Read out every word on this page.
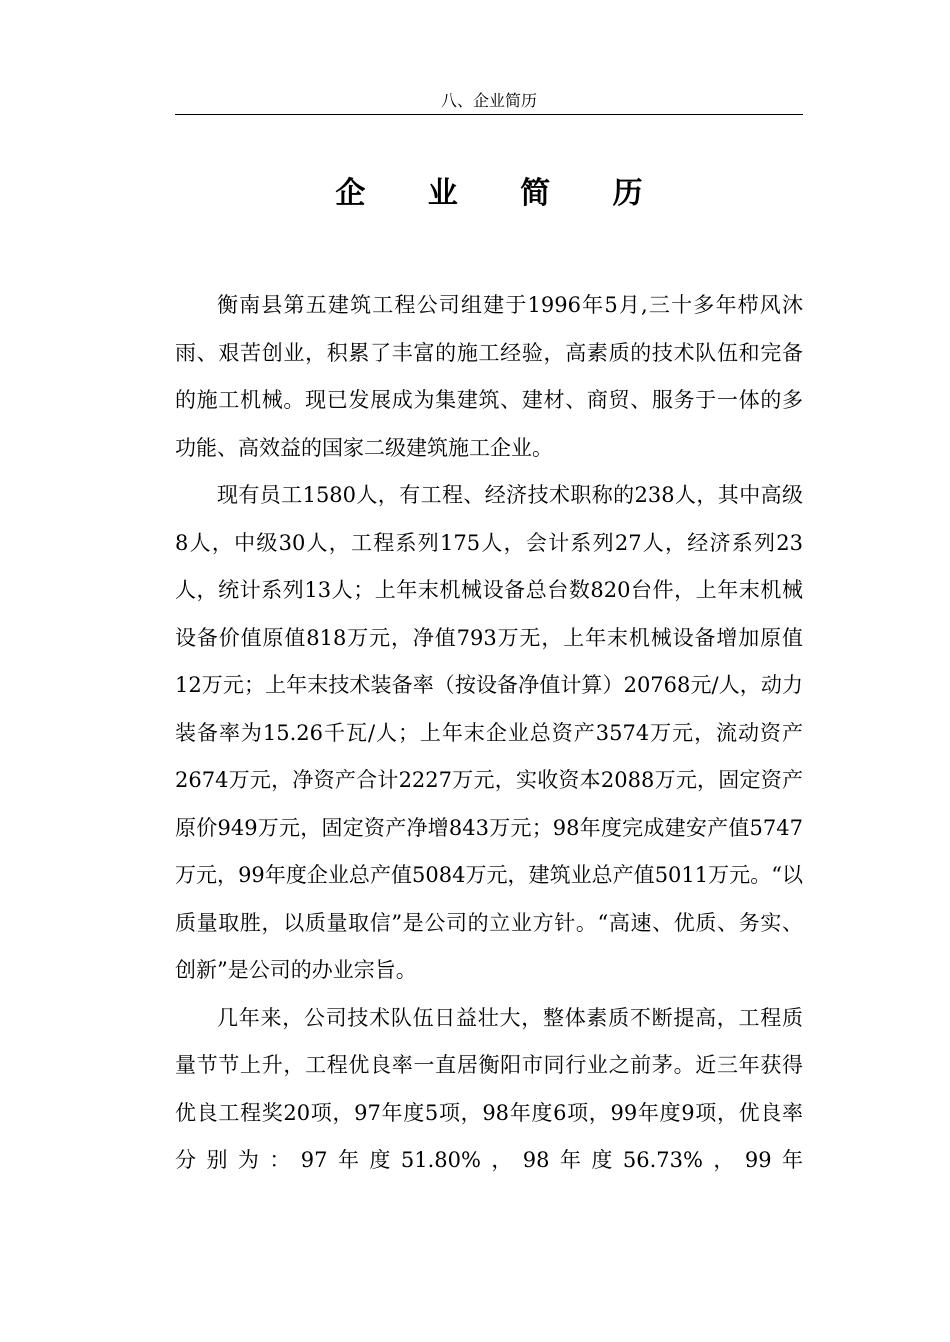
八、企业简历
企 业 简 历

衡南县第五建筑工程公司组建于1996年5月,三十多年栉风沐雨、艰苦创业，积累了丰富的施工经验，高素质的技术队伍和完备的施工机械。现已发展成为集建筑、建材、商贸、服务于一体的多功能、高效益的国家二级建筑施工企业。

现有员工1580人，有工程、经济技术职称的238人，其中高级8人，中级30人，工程系列175人，会计系列27人，经济系列23人，统计系列13人；上年末机械设备总台数820台件，上年末机械设备价值原值818万元，净值793万无，上年末机械设备增加原值12万元；上年末技术装备率（按设备净值计算）20768元/人，动力装备率为15.26千瓦/人；上年末企业总资产3574万元，流动资产2674万元，净资产合计2227万元，实收资本2088万元，固定资产原价949万元，固定资产净增843万元；98年度完成建安产值5747万元，99年度企业总产值5084万元，建筑业总产值5011万元。“以质量取胜，以质量取信”是公司的立业方针。“高速、优质、务实、创新”是公司的办业宗旨。

几年来，公司技术队伍日益壮大，整体素质不断提高，工程质量节节上升，工程优良率一直居衡阳市同行业之前茅。近三年获得优良工程奖20项，97年度5项，98年度6项，99年度9项，优良率分别为：97年度51.80%，98年度56.73%，99年
